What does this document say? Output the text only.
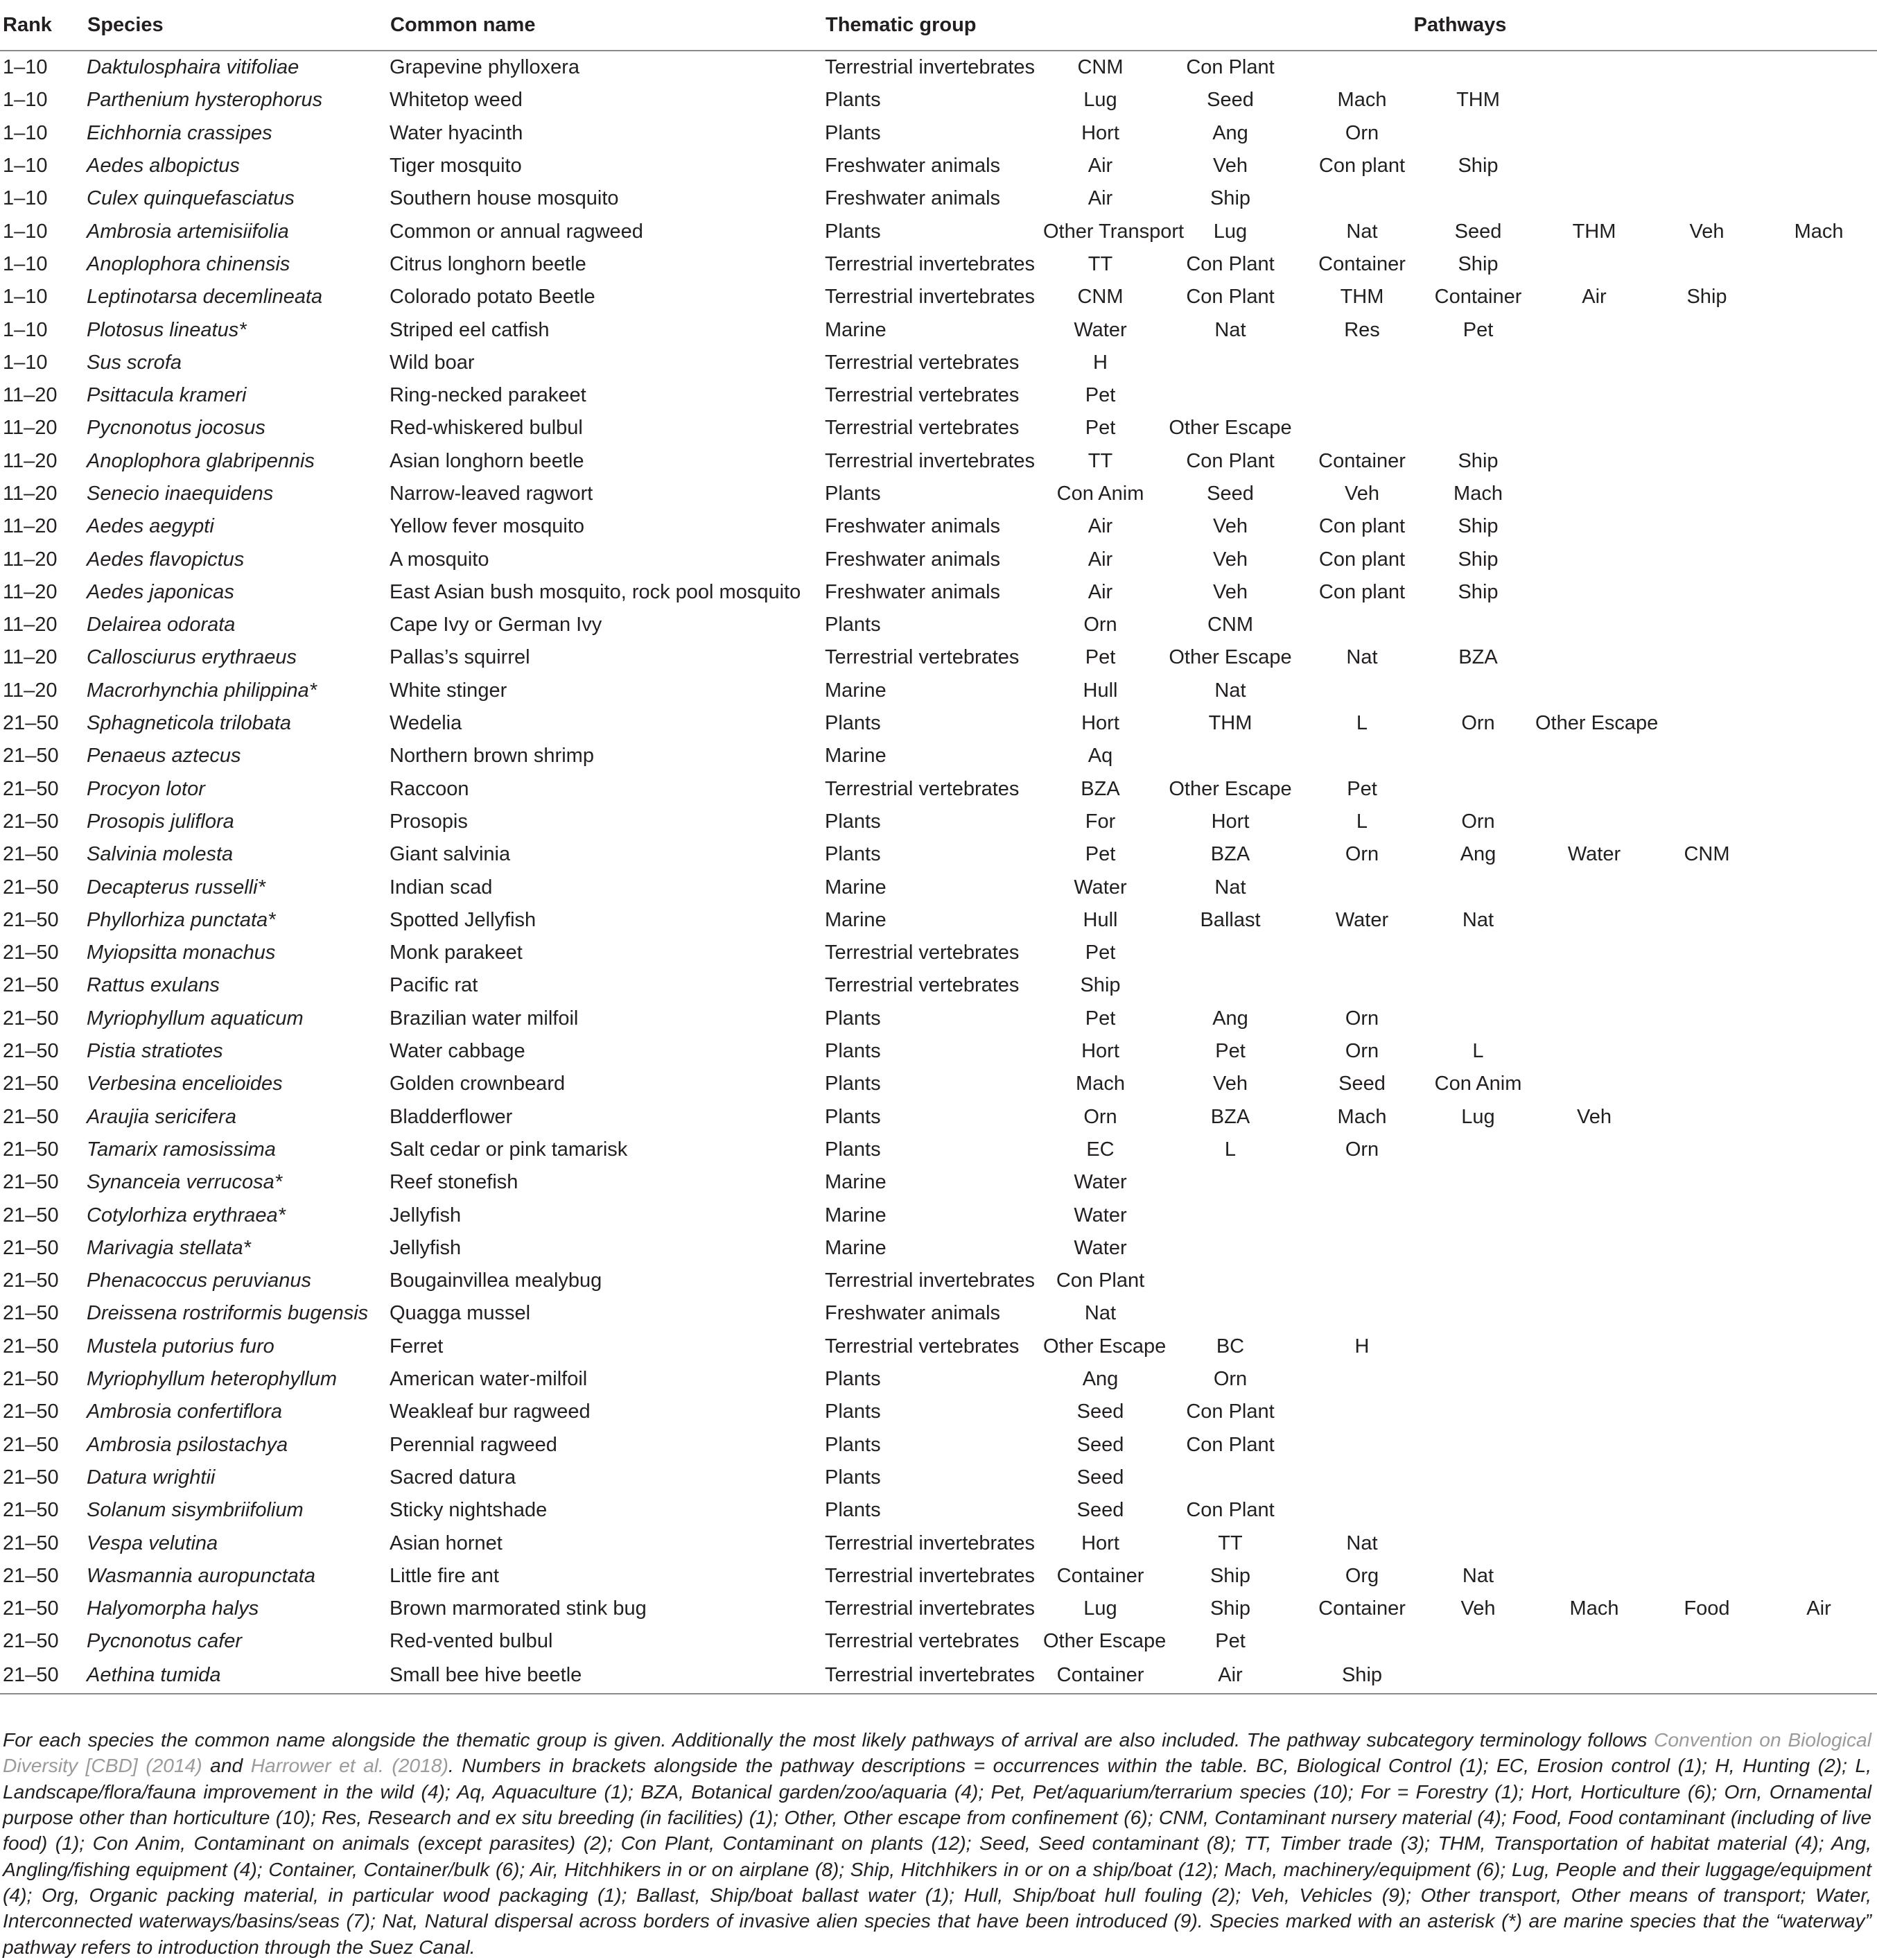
Rank	Species	Common name	Thematic group	Pathways						
1–10	Daktulosphaira vitifoliae	Grapevine phylloxera	Terrestrial invertebrates	CNM	Con Plant					
1–10	Parthenium hysterophorus	Whitetop weed	Plants	Lug	Seed	Mach	THM			
1–10	Eichhornia crassipes	Water hyacinth	Plants	Hort	Ang	Orn				
1–10	Aedes albopictus	Tiger mosquito	Freshwater animals	Air	Veh	Con plant	Ship			
1–10	Culex quinquefasciatus	Southern house mosquito	Freshwater animals	Air	Ship					
1–10	Ambrosia artemisiifolia	Common or annual ragweed	Plants	Other Transport	Lug	Nat	Seed	THM	Veh	Mach
1–10	Anoplophora chinensis	Citrus longhorn beetle	Terrestrial invertebrates	TT	Con Plant	Container	Ship			
1–10	Leptinotarsa decemlineata	Colorado potato Beetle	Terrestrial invertebrates	CNM	Con Plant	THM	Container	Air	Ship	
1–10	Plotosus lineatus*	Striped eel catfish	Marine	Water	Nat	Res	Pet			
1–10	Sus scrofa	Wild boar	Terrestrial vertebrates	H						
11–20	Psittacula krameri	Ring-necked parakeet	Terrestrial vertebrates	Pet						
11–20	Pycnonotus jocosus	Red-whiskered bulbul	Terrestrial vertebrates	Pet	Other Escape					
11–20	Anoplophora glabripennis	Asian longhorn beetle	Terrestrial invertebrates	TT	Con Plant	Container	Ship			
11–20	Senecio inaequidens	Narrow-leaved ragwort	Plants	Con Anim	Seed	Veh	Mach			
11–20	Aedes aegypti	Yellow fever mosquito	Freshwater animals	Air	Veh	Con plant	Ship			
11–20	Aedes flavopictus	A mosquito	Freshwater animals	Air	Veh	Con plant	Ship			
11–20	Aedes japonicas	East Asian bush mosquito, rock pool mosquito	Freshwater animals	Air	Veh	Con plant	Ship			
11–20	Delairea odorata	Cape Ivy or German Ivy	Plants	Orn	CNM					
11–20	Callosciurus erythraeus	Pallas’s squirrel	Terrestrial vertebrates	Pet	Other Escape	Nat	BZA			
11–20	Macrorhynchia philippina*	White stinger	Marine	Hull	Nat					
21–50	Sphagneticola trilobata	Wedelia	Plants	Hort	THM	L	Orn	Other Escape		
21–50	Penaeus aztecus	Northern brown shrimp	Marine	Aq						
21–50	Procyon lotor	Raccoon	Terrestrial vertebrates	BZA	Other Escape	Pet				
21–50	Prosopis juliflora	Prosopis	Plants	For	Hort	L	Orn			
21–50	Salvinia molesta	Giant salvinia	Plants	Pet	BZA	Orn	Ang	Water	CNM	
21–50	Decapterus russelli*	Indian scad	Marine	Water	Nat					
21–50	Phyllorhiza punctata*	Spotted Jellyfish	Marine	Hull	Ballast	Water	Nat			
21–50	Myiopsitta monachus	Monk parakeet	Terrestrial vertebrates	Pet						
21–50	Rattus exulans	Pacific rat	Terrestrial vertebrates	Ship						
21–50	Myriophyllum aquaticum	Brazilian water milfoil	Plants	Pet	Ang	Orn				
21–50	Pistia stratiotes	Water cabbage	Plants	Hort	Pet	Orn	L			
21–50	Verbesina encelioides	Golden crownbeard	Plants	Mach	Veh	Seed	Con Anim			
21–50	Araujia sericifera	Bladderflower	Plants	Orn	BZA	Mach	Lug	Veh		
21–50	Tamarix ramosissima	Salt cedar or pink tamarisk	Plants	EC	L	Orn				
21–50	Synanceia verrucosa*	Reef stonefish	Marine	Water						
21–50	Cotylorhiza erythraea*	Jellyfish	Marine	Water						
21–50	Marivagia stellata*	Jellyfish	Marine	Water						
21–50	Phenacoccus peruvianus	Bougainvillea mealybug	Terrestrial invertebrates	Con Plant						
21–50	Dreissena rostriformis bugensis	Quagga mussel	Freshwater animals	Nat						
21–50	Mustela putorius furo	Ferret	Terrestrial vertebrates	Other Escape	BC	H				
21–50	Myriophyllum heterophyllum	American water-milfoil	Plants	Ang	Orn					
21–50	Ambrosia confertiflora	Weakleaf bur ragweed	Plants	Seed	Con Plant					
21–50	Ambrosia psilostachya	Perennial ragweed	Plants	Seed	Con Plant					
21–50	Datura wrightii	Sacred datura	Plants	Seed						
21–50	Solanum sisymbriifolium	Sticky nightshade	Plants	Seed	Con Plant					
21–50	Vespa velutina	Asian hornet	Terrestrial invertebrates	Hort	TT	Nat				
21–50	Wasmannia auropunctata	Little fire ant	Terrestrial invertebrates	Container	Ship	Org	Nat			
21–50	Halyomorpha halys	Brown marmorated stink bug	Terrestrial invertebrates	Lug	Ship	Container	Veh	Mach	Food	Air
21–50	Pycnonotus cafer	Red-vented bulbul	Terrestrial vertebrates	Other Escape	Pet					
21–50	Aethina tumida	Small bee hive beetle	Terrestrial invertebrates	Container	Air	Ship				

For each species the common name alongside the thematic group is given. Additionally the most likely pathways of arrival are also included. The pathway subcategory terminology follows Convention on Biological Diversity [CBD] (2014) and Harrower et al. (2018). Numbers in brackets alongside the pathway descriptions = occurrences within the table. BC, Biological Control (1); EC, Erosion control (1); H, Hunting (2); L, Landscape/flora/fauna improvement in the wild (4); Aq, Aquaculture (1); BZA, Botanical garden/zoo/aquaria (4); Pet, Pet/aquarium/terrarium species (10); For = Forestry (1); Hort, Horticulture (6); Orn, Ornamental purpose other than horticulture (10); Res, Research and ex situ breeding (in facilities) (1); Other, Other escape from confinement (6); CNM, Contaminant nursery material (4); Food, Food contaminant (including of live food) (1); Con Anim, Contaminant on animals (except parasites) (2); Con Plant, Contaminant on plants (12); Seed, Seed contaminant (8); TT, Timber trade (3); THM, Transportation of habitat material (4); Ang, Angling/fishing equipment (4); Container, Container/bulk (6); Air, Hitchhikers in or on airplane (8); Ship, Hitchhikers in or on a ship/boat (12); Mach, machinery/equipment (6); Lug, People and their luggage/equipment (4); Org, Organic packing material, in particular wood packaging (1); Ballast, Ship/boat ballast water (1); Hull, Ship/boat hull fouling (2); Veh, Vehicles (9); Other transport, Other means of transport; Water, Interconnected waterways/basins/seas (7); Nat, Natural dispersal across borders of invasive alien species that have been introduced (9). Species marked with an asterisk (*) are marine species that the “waterway” pathway refers to introduction through the Suez Canal.
